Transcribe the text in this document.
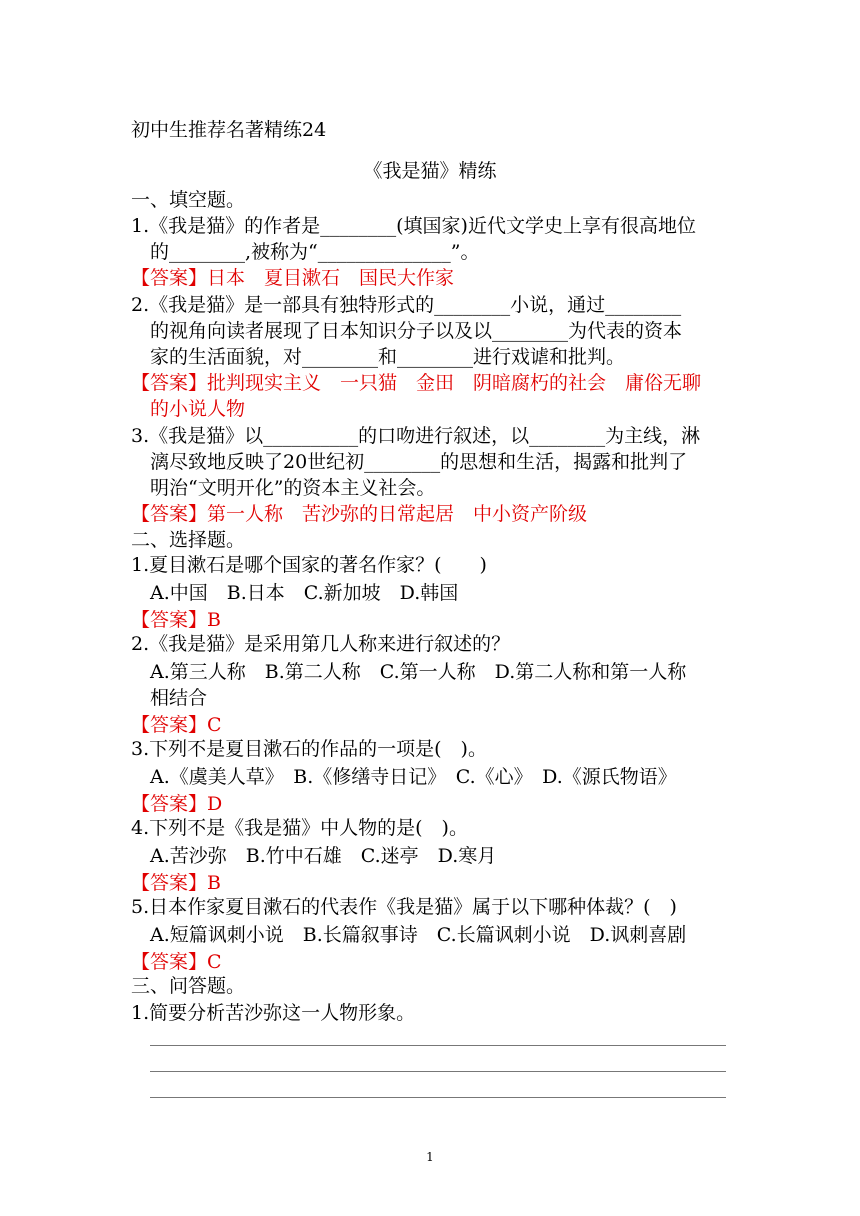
初中生推荐名著精练24
《我是猫》精练
一、填空题。
1.《我是猫》的作者是________(填国家)近代文学史上享有很高地位
的________,被称为“______________”。
【答案】日本　夏目漱石　国民大作家
2.《我是猫》是一部具有独特形式的________小说，通过________
的视角向读者展现了日本知识分子以及以________为代表的资本
家的生活面貌，对________和________进行戏谑和批判。
【答案】批判现实主义　一只猫　金田　阴暗腐朽的社会　庸俗无聊
的小说人物
3.《我是猫》以__________的口吻进行叙述，以________为主线，淋
漓尽致地反映了20世纪初________的思想和生活，揭露和批判了
明治“文明开化”的资本主义社会。
【答案】第一人称　苦沙弥的日常起居　中小资产阶级
二、选择题。
1.夏目漱石是哪个国家的著名作家？(　　)
A.中国　B.日本　C.新加坡　D.韩国
【答案】B
2.《我是猫》是采用第几人称来进行叙述的？
A.第三人称　B.第二人称　C.第一人称　D.第二人称和第一人称
相结合
【答案】C
3.下列不是夏目漱石的作品的一项是(　)。
A.《虞美人草》　B.《修缮寺日记》　C.《心》　D.《源氏物语》
【答案】D
4.下列不是《我是猫》中人物的是(　)。
A.苦沙弥　B.竹中石雄　C.迷亭　D.寒月
【答案】B
5.日本作家夏目漱石的代表作《我是猫》属于以下哪种体裁？(　)
A.短篇讽刺小说　B.长篇叙事诗　C.长篇讽刺小说　D.讽刺喜剧
【答案】C
三、问答题。
1.简要分析苦沙弥这一人物形象。
1
